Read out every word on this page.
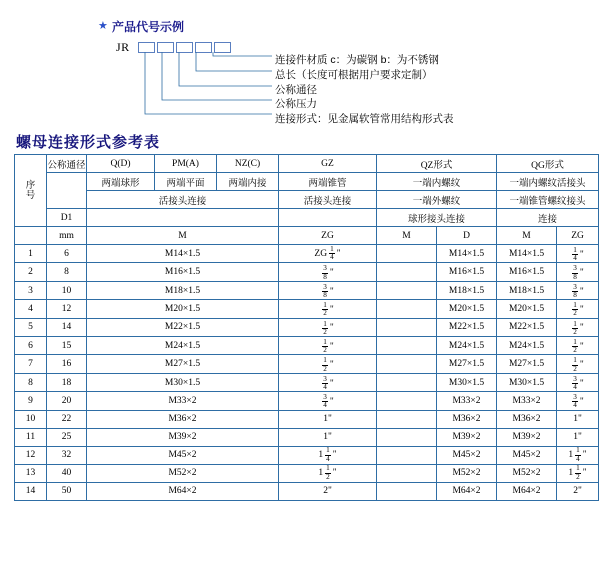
★ 产品代号示例
JR
连接件材质 c：为碳钢 b：为不锈钢
总长（长度可根据用户要求定制）
公称通径
公称压力
连接形式：见金属软管常用结构形式表
螺母连接形式参考表
序
号	公称通径	Q(D)	PM(A)	NZ(C)	GZ	QZ形式		QG形式	
		两端球形	两端平面	两端内接	两端锥管	一端内螺纹		一端内螺纹活接头	
		活接头连接			活接头连接	一端外螺纹		一端锥管螺纹接头	
	D1					球形接头连接		连接	
	mm	M			ZG	M	D	M	ZG
1	6	M14×1.5			ZG $\frac{1}{4}$ "		M14×1.5	M14×1.5	$\frac{1}{4}$ "

2	8	M16×1.5			$\frac{3}{8}$ "		M16×1.5	M16×1.5	$\frac{3}{8}$ "

3	10	M18×1.5			$\frac{3}{8}$ "		M18×1.5	M18×1.5	$\frac{3}{8}$ "

4	12	M20×1.5			$\frac{1}{2}$ "		M20×1.5	M20×1.5	$\frac{1}{2}$ "

5	14	M22×1.5			$\frac{1}{2}$ "		M22×1.5	M22×1.5	$\frac{1}{2}$ "

6	15	M24×1.5			$\frac{1}{2}$ "		M24×1.5	M24×1.5	$\frac{1}{2}$ "

7	16	M27×1.5			$\frac{1}{2}$ "		M27×1.5	M27×1.5	$\frac{1}{2}$ "

8	18	M30×1.5			$\frac{3}{4}$ "		M30×1.5	M30×1.5	$\frac{3}{4}$ "

9	20	M33×2			$\frac{3}{4}$ "		M33×2	M33×2	$\frac{3}{4}$ "

10	22	M36×2			1"		M36×2	M36×2	1"
11	25	M39×2			1"		M39×2	M39×2	1"
12	32	M45×2			$1 \frac{1}{4}$ "		M45×2	M45×2	$1 \frac{1}{4}$ "

13	40	M52×2			$1 \frac{1}{2}$ "		M52×2	M52×2	$1 \frac{1}{2}$ "

14	50	M64×2			2"		M64×2	M64×2	2"
